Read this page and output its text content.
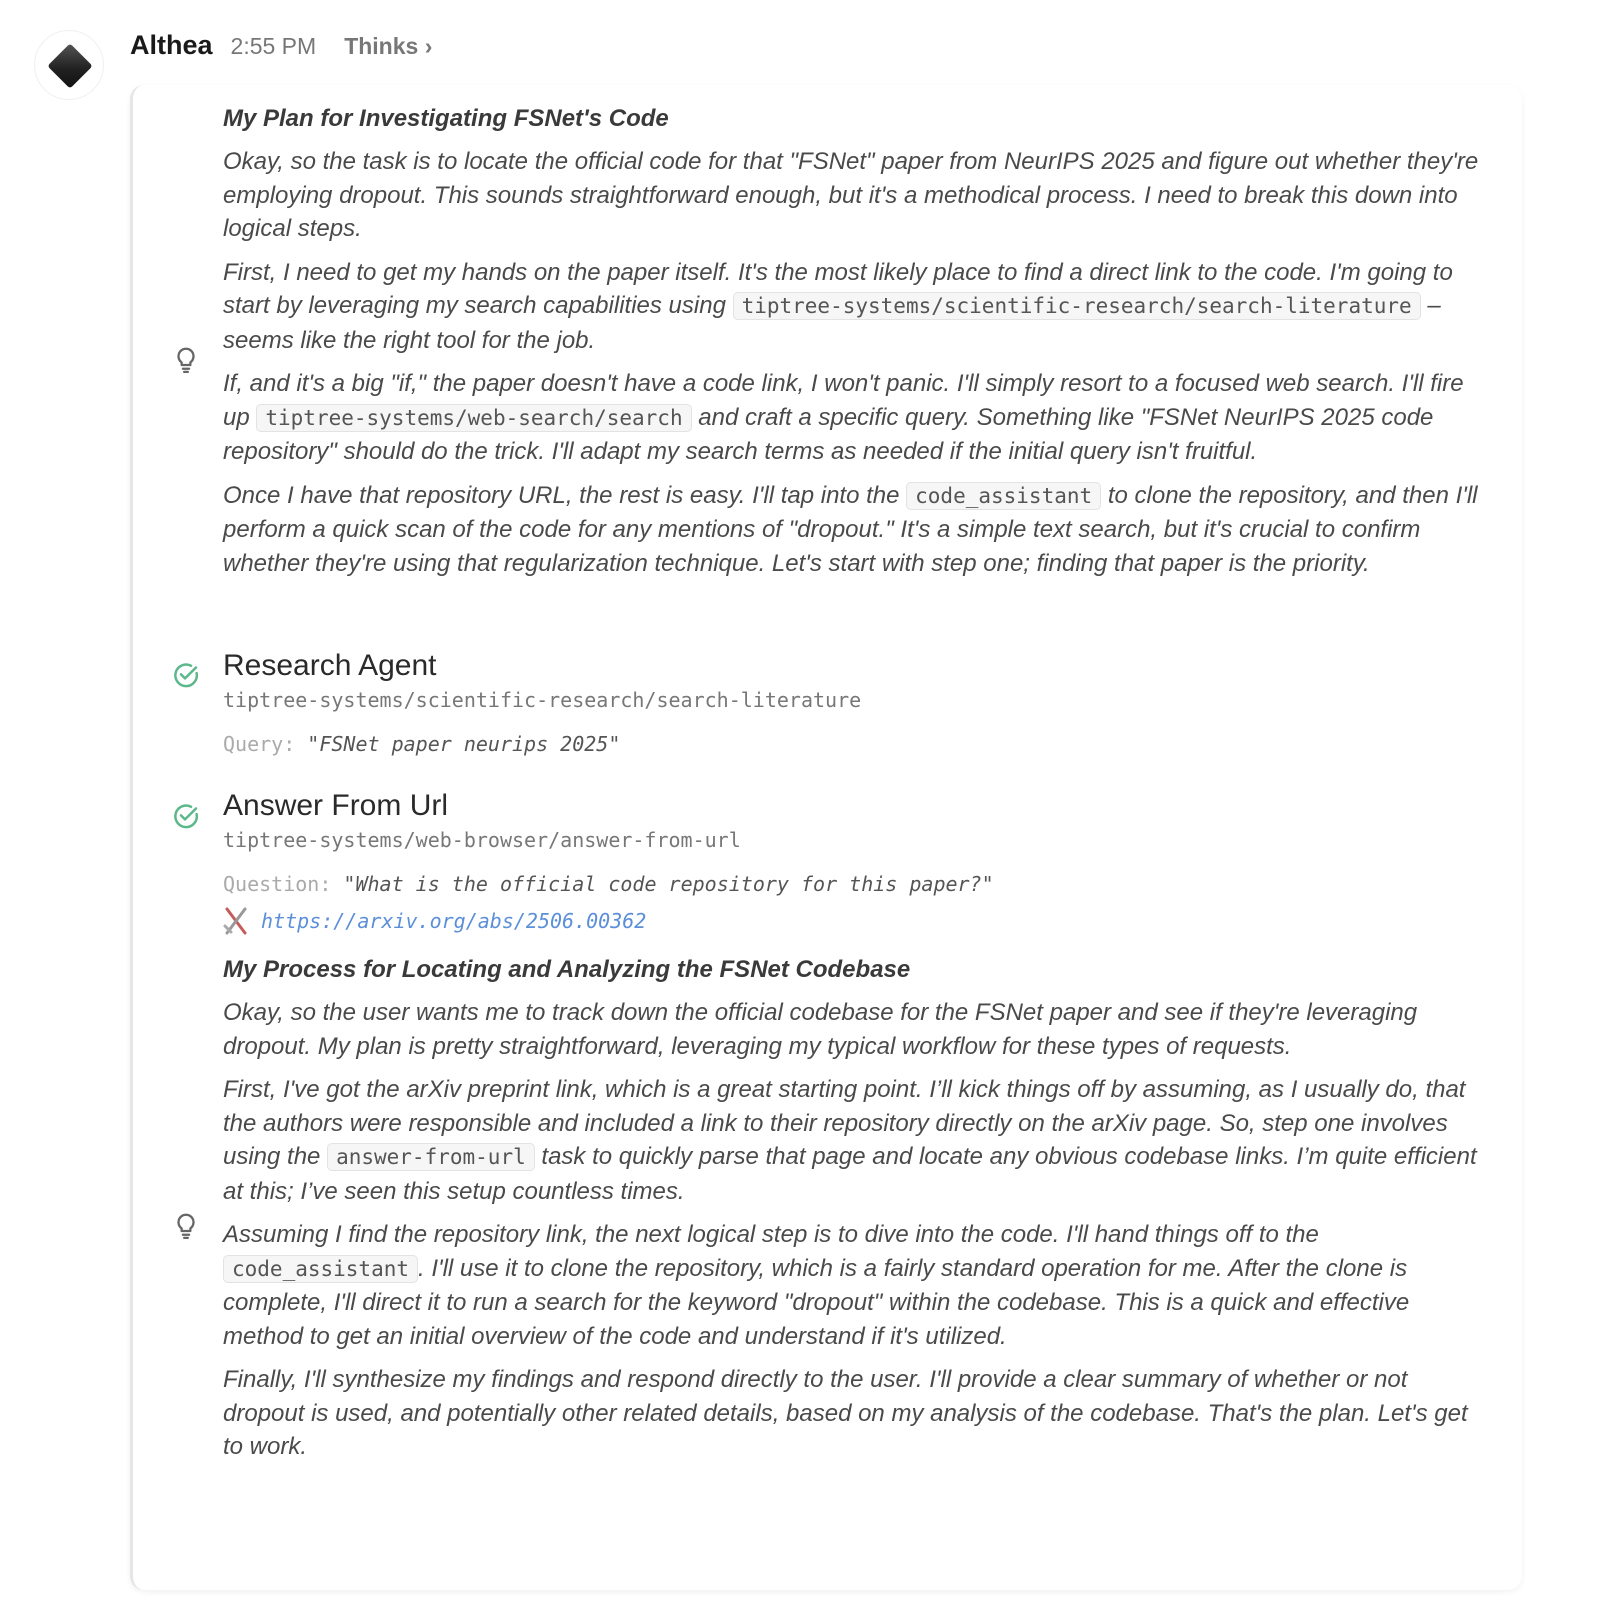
Althea 2:55 PM Thinks ›
My Plan for Investigating FSNet's Code

Okay, so the task is to locate the official code for that "FSNet" paper from NeurIPS 2025 and figure out whether they're employing dropout. This sounds straightforward enough, but it's a methodical process. I need to break this down into logical steps.

First, I need to get my hands on the paper itself. It's the most likely place to find a direct link to the code. I'm going to start by leveraging my search capabilities using tiptree-systems/scientific-research/search-literature – seems like the right tool for the job.

If, and it's a big "if," the paper doesn't have a code link, I won't panic. I'll simply resort to a focused web search. I'll fire up tiptree-systems/web-search/search and craft a specific query. Something like "FSNet NeurIPS 2025 code repository" should do the trick. I'll adapt my search terms as needed if the initial query isn't fruitful.

Once I have that repository URL, the rest is easy. I'll tap into the code_assistant to clone the repository, and then I'll perform a quick scan of the code for any mentions of "dropout." It's a simple text search, but it's crucial to confirm whether they're using that regularization technique. Let's start with step one; finding that paper is the priority.

Research Agent
tiptree-systems/scientific-research/search-literature
Query: "FSNet paper neurips 2025"
Answer From Url
tiptree-systems/web-browser/answer-from-url
Question: "What is the official code repository for this paper?"
https://arxiv.org/abs/2506.00362
My Process for Locating and Analyzing the FSNet Codebase

Okay, so the user wants me to track down the official codebase for the FSNet paper and see if they're leveraging dropout. My plan is pretty straightforward, leveraging my typical workflow for these types of requests.

First, I've got the arXiv preprint link, which is a great starting point. I’ll kick things off by assuming, as I usually do, that the authors were responsible and included a link to their repository directly on the arXiv page. So, step one involves using the answer-from-url task to quickly parse that page and locate any obvious codebase links. I’m quite efficient at this; I’ve seen this setup countless times.

Assuming I find the repository link, the next logical step is to dive into the code. I'll hand things off to the code_assistant . I'll use it to clone the repository, which is a fairly standard operation for me. After the clone is complete, I'll direct it to run a search for the keyword "dropout" within the codebase. This is a quick and effective method to get an initial overview of the code and understand if it's utilized.

Finally, I'll synthesize my findings and respond directly to the user. I'll provide a clear summary of whether or not dropout is used, and potentially other related details, based on my analysis of the codebase. That's the plan. Let's get to work.
